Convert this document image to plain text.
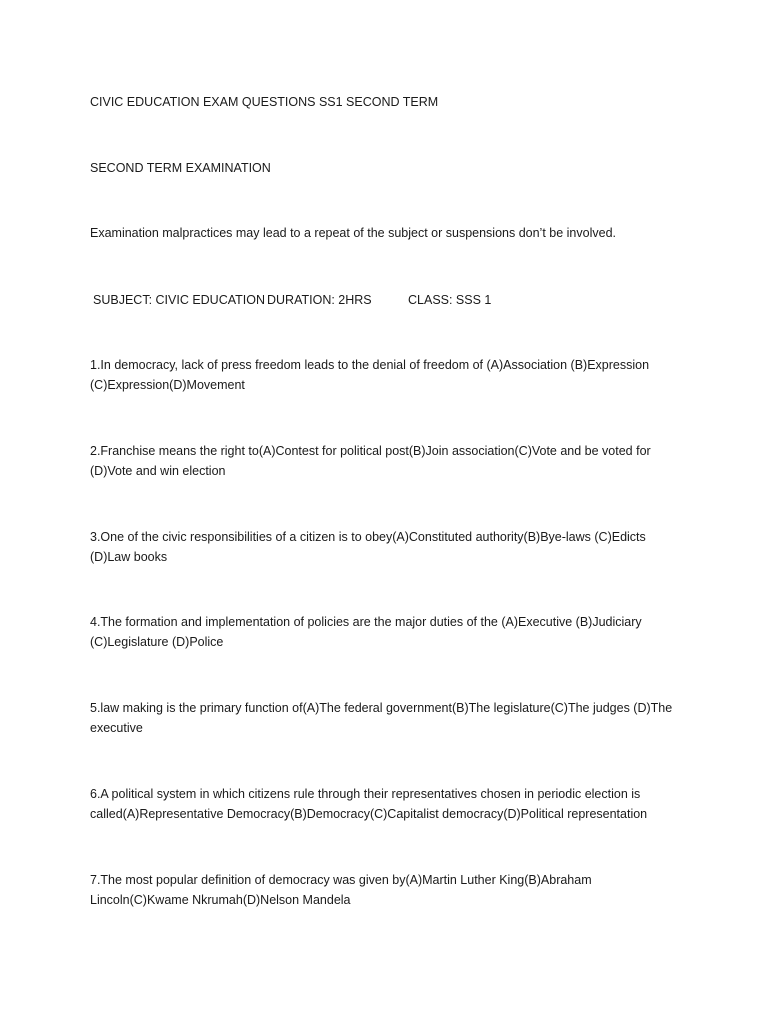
CIVIC EDUCATION EXAM QUESTIONS SS1 SECOND TERM
SECOND TERM EXAMINATION
Examination malpractices may lead to a repeat of the subject or suspensions don’t be involved.
SUBJECT: CIVIC EDUCATION DURATION: 2HRS	CLASS: SSS 1
1.In democracy, lack of press freedom leads to the denial of freedom of (A)Association (B)Expression (C)Expression(D)Movement
2.Franchise means the right to(A)Contest for political post(B)Join association(C)Vote and be voted for (D)Vote and win election
3.One of the civic responsibilities of a citizen is to obey(A)Constituted authority(B)Bye-laws (C)Edicts (D)Law books
4.The formation and implementation of policies are the major duties of the (A)Executive (B)Judiciary (C)Legislature (D)Police
5.law making is the primary function of(A)The federal government(B)The legislature(C)The judges (D)The executive
6.A political system in which citizens rule through their representatives chosen in periodic election is called(A)Representative Democracy(B)Democracy(C)Capitalist democracy(D)Political representation
7.The most popular definition of democracy was given by(A)Martin Luther King(B)Abraham Lincoln(C)Kwame Nkrumah(D)Nelson Mandela
